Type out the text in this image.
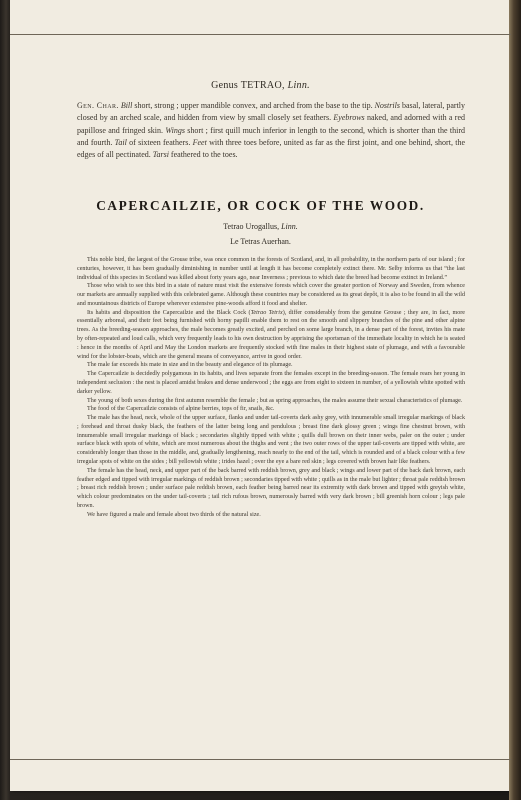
Genus TETRAO, Linn.
Gen. Char. Bill short, strong ; upper mandible convex, and arched from the base to the tip. Nostrils basal, lateral, partly closed by an arched scale, and hidden from view by small closely set feathers. Eyebrows naked, and adorned with a red papillose and fringed skin. Wings short ; first quill much inferior in length to the second, which is shorter than the third and fourth. Tail of sixteen feathers. Feet with three toes before, united as far as the first joint, and one behind, short, the edges of all pectinated. Tarsi feathered to the toes.
CAPERCAILZIE, OR COCK OF THE WOOD.
Tetrao Urogallus, Linn.
Le Tetras Auerhan.

This noble bird, the largest of the Grouse tribe, was once common in the forests of Scotland, and, in all probability, in the northern parts of our island ; for centuries, however, it has been gradually diminishing in number until at length it has become completely extinct there. Mr. Selby informs us that “the last individual of this species in Scotland was killed about forty years ago, near Inverness ; previous to which date the breed had become extinct in Ireland.”

Those who wish to see this bird in a state of nature must visit the extensive forests which cover the greater portion of Norway and Sweden, from whence our markets are annually supplied with this celebrated game. Although these countries may be considered as its great depôt, it is also to be found in all the wild and mountainous districts of Europe wherever extensive pine-woods afford it food and shelter.

Its habits and disposition the Capercailzie and the Black Cock (Tetrao Tetrix), differ considerably from the genuine Grouse ; they are, in fact, more essentially arboreal, and their feet being furnished with horny papilli enable them to rest on the smooth and slippery branches of the pine and other alpine trees. As the breeding-season approaches, the male becomes greatly excited, and perched on some large branch, in a dense part of the forest, invites his mate by often-repeated and loud calls, which very frequently leads to his own destruction by apprising the sportsman of the immediate locality in which he is seated : hence in the months of April and May the London markets are frequently stocked with fine males in their highest state of plumage, and with a favourable wind for the lobster-boats, which are the general means of conveyance, arrive in good order.

The male far exceeds his mate in size and in the beauty and elegance of its plumage.

The Capercailzie is decidedly polygamous in its habits, and lives separate from the females except in the breeding-season. The female rears her young in independent seclusion : the nest is placed amidst brakes and dense underwood ; the eggs are from eight to sixteen in number, of a yellowish white spotted with darker yellow.

The young of both sexes during the first autumn resemble the female ; but as spring approaches, the males assume their sexual characteristics of plumage.

The food of the Capercailzie consists of alpine berries, tops of fir, snails, &c.

The male has the head, neck, whole of the upper surface, flanks and under tail-coverts dark ashy grey, with innumerable small irregular markings of black ; forehead and throat dusky black, the feathers of the latter being long and pendulous ; breast fine dark glossy green ; wings fine chestnut brown, with innumerable small irregular markings of black ; secondaries slightly tipped with white ; quills dull brown on their inner webs, paler on the outer ; under surface black with spots of white, which are most numerous about the thighs and vent ; the two outer rows of the upper tail-coverts are tipped with white, are considerably longer than those in the middle, and, gradually lengthening, reach nearly to the end of the tail, which is rounded and of a black colour with a few irregular spots of white on the sides ; bill yellowish white ; irides hazel ; over the eye a bare red skin ; legs covered with brown hair like feathers.

The female has the head, neck, and upper part of the back barred with reddish brown, grey and black ; wings and lower part of the back dark brown, each feather edged and tipped with irregular markings of reddish brown ; secondaries tipped with white ; quills as in the male but lighter ; throat pale reddish brown ; breast rich reddish brown ; under surface pale reddish brown, each feather being barred near its extremity with dark brown and tipped with greyish white, which colour predominates on the under tail-coverts ; tail rich rufous brown, numerously barred with very dark brown ; bill greenish horn colour ; legs pale brown.

We have figured a male and female about two thirds of the natural size.
